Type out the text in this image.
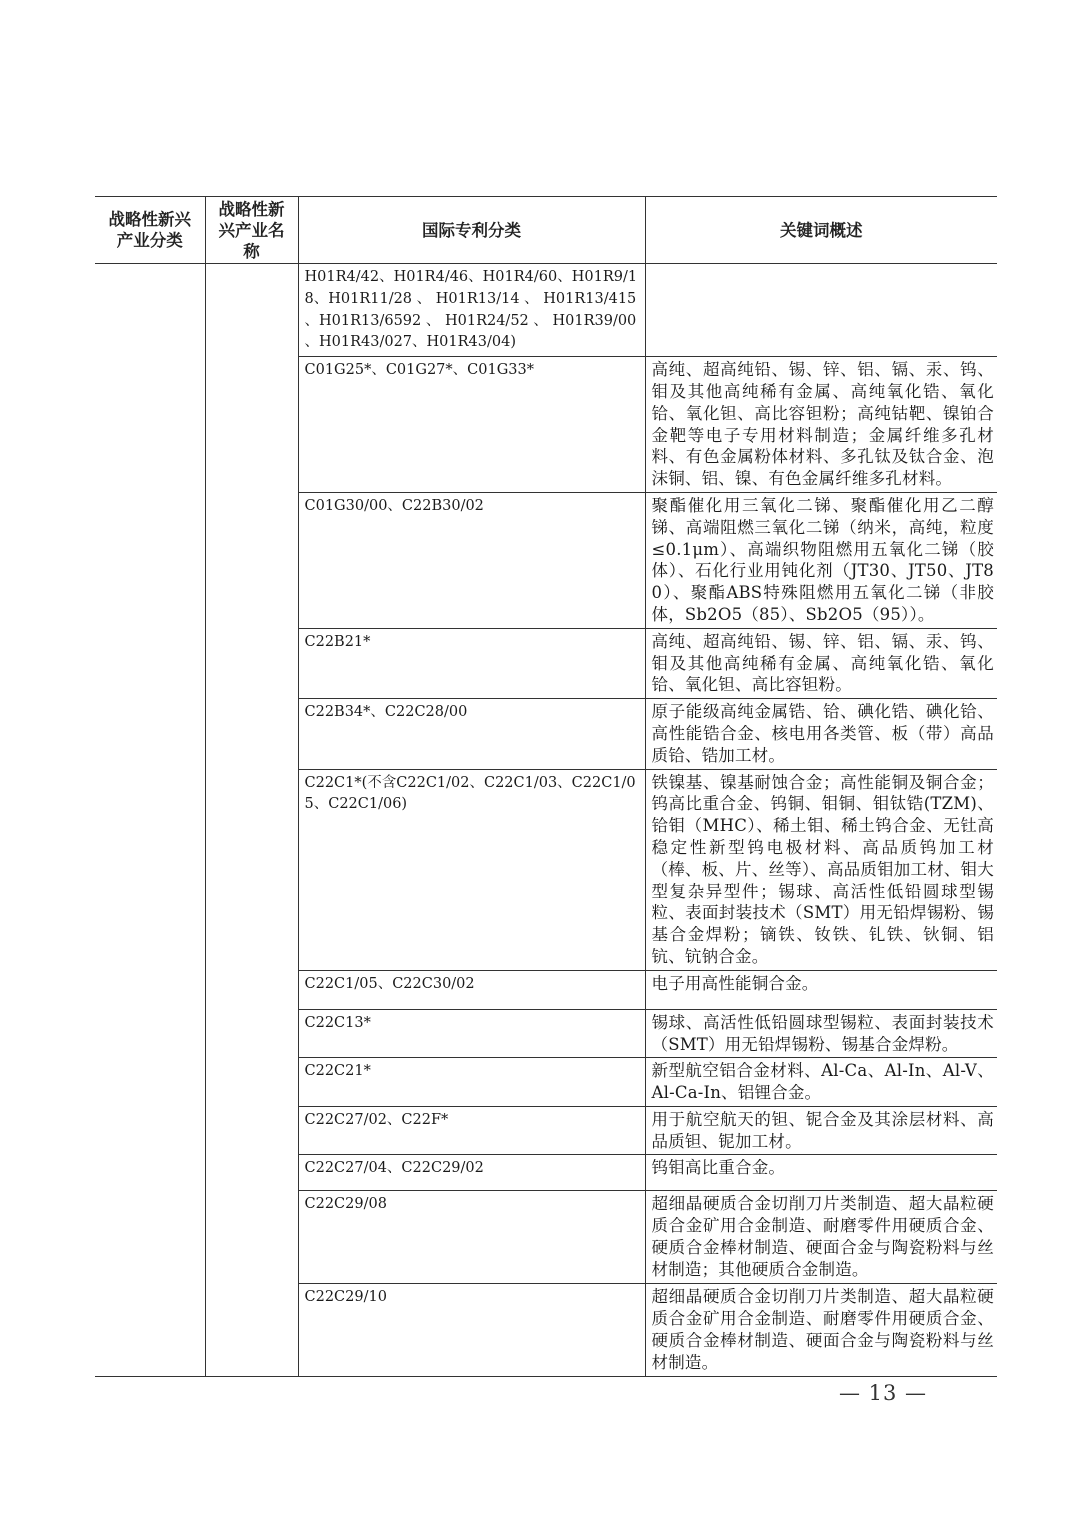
战略性新兴产业分类	战略性新兴产业名称	国际专利分类	关键词概述

		H01R4/42、H01R4/46、H01R4/60、H01R9/18、H01R11/28 、 H01R13/14 、 H01R13/415 、H01R13/6592 、 H01R24/52 、 H01R39/00 、H01R43/027、H01R43/04)	

		C01G25*、C01G27*、C01G33*	高纯、超高纯铅、锡、锌、铝、镉、汞、钨、钼及其他高纯稀有金属、高纯氧化锆、氧化铪、氧化钽、高比容钽粉；高纯钴靶、镍铂合金靶等电子专用材料制造；金属纤维多孔材料、有色金属粉体材料、多孔钛及钛合金、泡沫铜、铝、镍、有色金属纤维多孔材料。

		C01G30/00、C22B30/02	聚酯催化用三氧化二锑、聚酯催化用乙二醇锑、高端阻燃三氧化二锑（纳米，高纯，粒度≤0.1μm）、高端织物阻燃用五氧化二锑（胶体）、石化行业用钝化剂（JT30、JT50、JT80）、聚酯ABS特殊阻燃用五氧化二锑（非胶体，Sb2O5（85）、Sb2O5（95））。

		C22B21*	高纯、超高纯铅、锡、锌、铝、镉、汞、钨、钼及其他高纯稀有金属、高纯氧化锆、氧化铪、氧化钽、高比容钽粉。

		C22B34*、C22C28/00	原子能级高纯金属锆、铪、碘化锆、碘化铪、高性能锆合金、核电用各类管、板（带）高品质铪、锆加工材。

		C22C1*(不含C22C1/02、C22C1/03、C22C1/05、C22C1/06)	铁镍基、镍基耐蚀合金；高性能铜及铜合金；钨高比重合金、钨铜、钼铜、钼钛锆(TZM)、铪钼（MHC）、稀土钼、稀土钨合金、无钍高稳定性新型钨电极材料、高品质钨加工材（棒、板、片、丝等）、高品质钼加工材、钼大型复杂异型件；锡球、高活性低铅圆球型锡粒、表面封装技术（SMT）用无铅焊锡粉、锡基合金焊粉；镝铁、钕铁、钆铁、钬铜、铝钪、钪钠合金。

		C22C1/05、C22C30/02	电子用高性能铜合金。

		C22C13*	锡球、高活性低铅圆球型锡粒、表面封装技术（SMT）用无铅焊锡粉、锡基合金焊粉。

		C22C21*	新型航空铝合金材料、Al-Ca、Al-In、Al-V、Al-Ca-In、铝锂合金。

		C22C27/02、C22F*	用于航空航天的钽、铌合金及其涂层材料、高品质钽、铌加工材。

		C22C27/04、C22C29/02	钨钼高比重合金。

		C22C29/08	超细晶硬质合金切削刀片类制造、超大晶粒硬质合金矿用合金制造、耐磨零件用硬质合金、硬质合金棒材制造、硬面合金与陶瓷粉料与丝材制造；其他硬质合金制造。

		C22C29/10	超细晶硬质合金切削刀片类制造、超大晶粒硬质合金矿用合金制造、耐磨零件用硬质合金、硬质合金棒材制造、硬面合金与陶瓷粉料与丝材制造。
— 13 —
